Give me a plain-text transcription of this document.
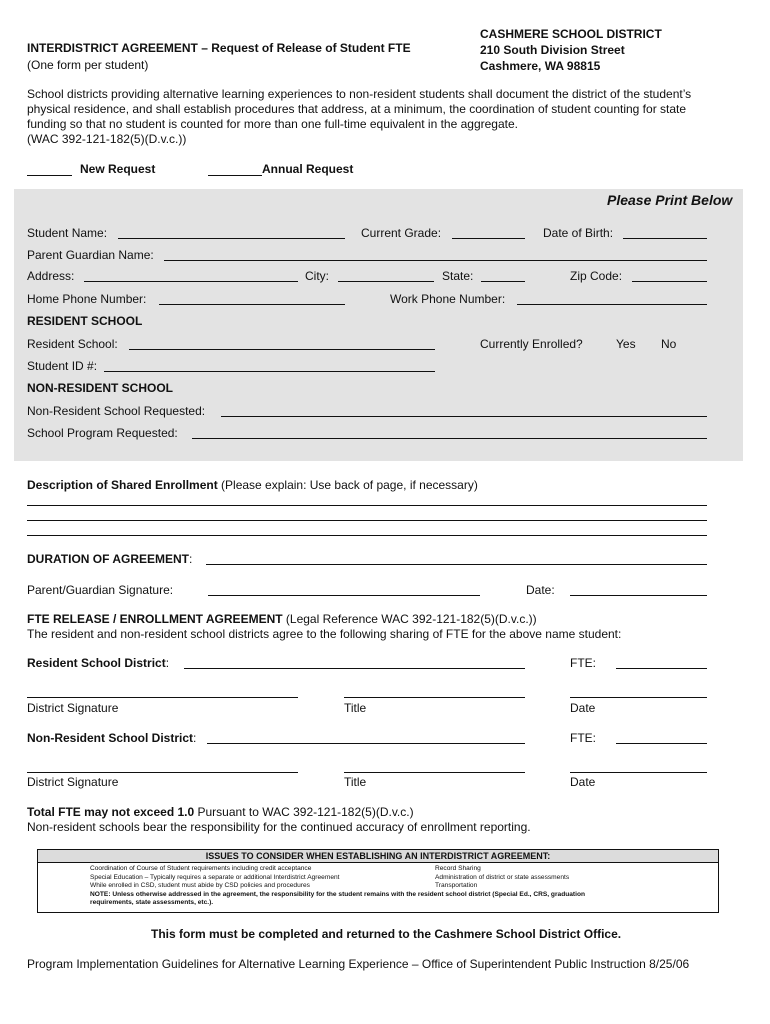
INTERDISTRICT AGREEMENT – Request of Release of Student FTE
(One form per student)
CASHMERE SCHOOL DISTRICT
210 South Division Street
Cashmere, WA 98815
School districts providing alternative learning experiences to non-resident students shall document the district of the student’s
physical residence, and shall establish procedures that address, at a minimum, the coordination of student counting for state
funding so that no student is counted for more than one full-time equivalent in the aggregate.
(WAC 392-121-182(5)(D.v.c.))
New Request	Annual Request
Please Print Below
Student Name:	Current Grade:	Date of Birth:
Parent Guardian Name:
Address:	City:	State:	Zip Code:
Home Phone Number:	Work Phone Number:
RESIDENT SCHOOL
Resident School:	Currently Enrolled?	Yes No
Student ID #:
NON-RESIDENT SCHOOL
Non-Resident School Requested:
School Program Requested:
Description of Shared Enrollment (Please explain: Use back of page, if necessary)
DURATION OF AGREEMENT:
Parent/Guardian Signature:	Date:
FTE RELEASE / ENROLLMENT AGREEMENT (Legal Reference WAC 392-121-182(5)(D.v.c.))
The resident and non-resident school districts agree to the following sharing of FTE for the above name student:
Resident School District:	FTE:
District Signature	Title	Date
Non-Resident School District:	FTE:
District Signature	Title	Date
Total FTE may not exceed 1.0 Pursuant to WAC 392-121-182(5)(D.v.c.)
Non-resident schools bear the responsibility for the continued accuracy of enrollment reporting.
ISSUES TO CONSIDER WHEN ESTABLISHING AN INTERDISTRICT AGREEMENT:
Coordination of Course of Student requirements including credit acceptance
Special Education – Typically requires a separate or additional Interdistrict Agreement
While enrolled in CSD, student must abide by CSD policies and procedures
Record Sharing
Administration of district or state assessments
Transportation
NOTE: Unless otherwise addressed in the agreement, the responsibility for the student remains with the resident school district (Special Ed., CRS, graduation
requirements, state assessments, etc.).
This form must be completed and returned to the Cashmere School District Office.
Program Implementation Guidelines for Alternative Learning Experience – Office of Superintendent Public Instruction 8/25/06
